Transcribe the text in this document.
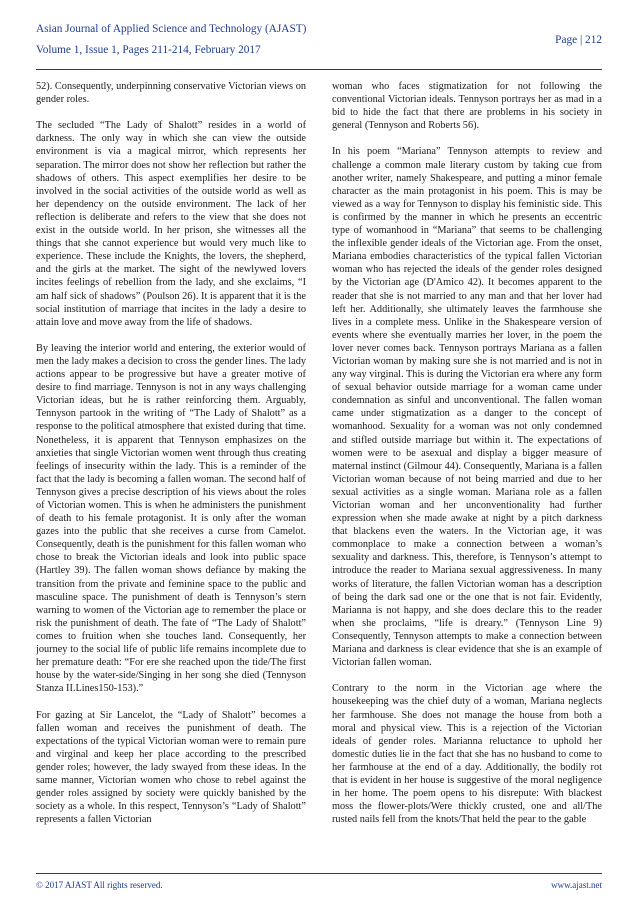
Asian Journal of Applied Science and Technology (AJAST)
Volume 1, Issue 1, Pages 211-214, February 2017
Page | 212

52). Consequently, underpinning conservative Victorian views on gender roles.

The secluded “The Lady of Shalott” resides in a world of darkness. The only way in which she can view the outside environment is via a magical mirror, which represents her separation. The mirror does not show her reflection but rather the shadows of others. This aspect exemplifies her desire to be involved in the social activities of the outside world as well as her dependency on the outside environment. The lack of her reflection is deliberate and refers to the view that she does not exist in the outside world. In her prison, she witnesses all the things that she cannot experience but would very much like to experience. These include the Knights, the lovers, the shepherd, and the girls at the market. The sight of the newlywed lovers incites feelings of rebellion from the lady, and she exclaims, “I am half sick of shadows” (Poulson 26). It is apparent that it is the social institution of marriage that incites in the lady a desire to attain love and move away from the life of shadows.

By leaving the interior world and entering, the exterior would of men the lady makes a decision to cross the gender lines. The lady actions appear to be progressive but have a greater motive of desire to find marriage. Tennyson is not in any ways challenging Victorian ideas, but he is rather reinforcing them. Arguably, Tennyson partook in the writing of “The Lady of Shalott” as a response to the political atmosphere that existed during that time. Nonetheless, it is apparent that Tennyson emphasizes on the anxieties that single Victorian women went through thus creating feelings of insecurity within the lady. This is a reminder of the fact that the lady is becoming a fallen woman. The second half of Tennyson gives a precise description of his views about the roles of Victorian women. This is when he administers the punishment of death to his female protagonist. It is only after the woman gazes into the public that she receives a curse from Camelot. Consequently, death is the punishment for this fallen woman who chose to break the Victorian ideals and look into public space (Hartley 39). The fallen woman shows defiance by making the transition from the private and feminine space to the public and masculine space. The punishment of death is Tennyson’s stern warning to women of the Victorian age to remember the place or risk the punishment of death. The fate of “The Lady of Shalott” comes to fruition when she touches land. Consequently, her journey to the social life of public life remains incomplete due to her premature death: “For ere she reached upon the tide/The first house by the water-side/Singing in her song she died (Tennyson Stanza II.Lines150-153).”

For gazing at Sir Lancelot, the “Lady of Shalott” becomes a fallen woman and receives the punishment of death. The expectations of the typical Victorian woman were to remain pure and virginal and keep her place according to the prescribed gender roles; however, the lady swayed from these ideas. In the same manner, Victorian women who chose to rebel against the gender roles assigned by society were quickly banished by the society as a whole. In this respect, Tennyson’s “Lady of Shalott” represents a fallen Victorian

woman who faces stigmatization for not following the conventional Victorian ideals. Tennyson portrays her as mad in a bid to hide the fact that there are problems in his society in general (Tennyson and Roberts 56).

In his poem “Mariana” Tennyson attempts to review and challenge a common male literary custom by taking cue from another writer, namely Shakespeare, and putting a minor female character as the main protagonist in his poem. This is may be viewed as a way for Tennyson to display his feministic side. This is confirmed by the manner in which he presents an eccentric type of womanhood in “Mariana” that seems to be challenging the inflexible gender ideals of the Victorian age. From the onset, Mariana embodies characteristics of the typical fallen Victorian woman who has rejected the ideals of the gender roles designed by the Victorian age (D'Amico 42). It becomes apparent to the reader that she is not married to any man and that her lover had left her. Additionally, she ultimately leaves the farmhouse she lives in a complete mess. Unlike in the Shakespeare version of events where she eventually marries her lover, in the poem the lover never comes back. Tennyson portrays Mariana as a fallen Victorian woman by making sure she is not married and is not in any way virginal. This is during the Victorian era where any form of sexual behavior outside marriage for a woman came under condemnation as sinful and unconventional. The fallen woman came under stigmatization as a danger to the concept of womanhood. Sexuality for a woman was not only condemned and stifled outside marriage but within it. The expectations of women were to be asexual and display a bigger measure of maternal instinct (Gilmour 44). Consequently, Mariana is a fallen Victorian woman because of not being married and due to her sexual activities as a single woman. Mariana role as a fallen Victorian woman and her unconventionality had further expression when she made awake at night by a pitch darkness that blackens even the waters. In the Victorian age, it was commonplace to make a connection between a woman’s sexuality and darkness. This, therefore, is Tennyson’s attempt to introduce the reader to Mariana sexual aggressiveness. In many works of literature, the fallen Victorian woman has a description of being the dark sad one or the one that is not fair. Evidently, Marianna is not happy, and she does declare this to the reader when she proclaims, “life is dreary.” (Tennyson Line 9) Consequently, Tennyson attempts to make a connection between Mariana and darkness is clear evidence that she is an example of Victorian fallen woman.

Contrary to the norm in the Victorian age where the housekeeping was the chief duty of a woman, Mariana neglects her farmhouse. She does not manage the house from both a moral and physical view. This is a rejection of the Victorian ideals of gender roles. Marianna reluctance to uphold her domestic duties lie in the fact that she has no husband to come to her farmhouse at the end of a day. Additionally, the bodily rot that is evident in her house is suggestive of the moral negligence in her home. The poem opens to his disrepute: With blackest moss the flower-plots/Were thickly crusted, one and all/The rusted nails fell from the knots/That held the pear to the gable

© 2017 AJAST All rights reserved.	www.ajast.net
